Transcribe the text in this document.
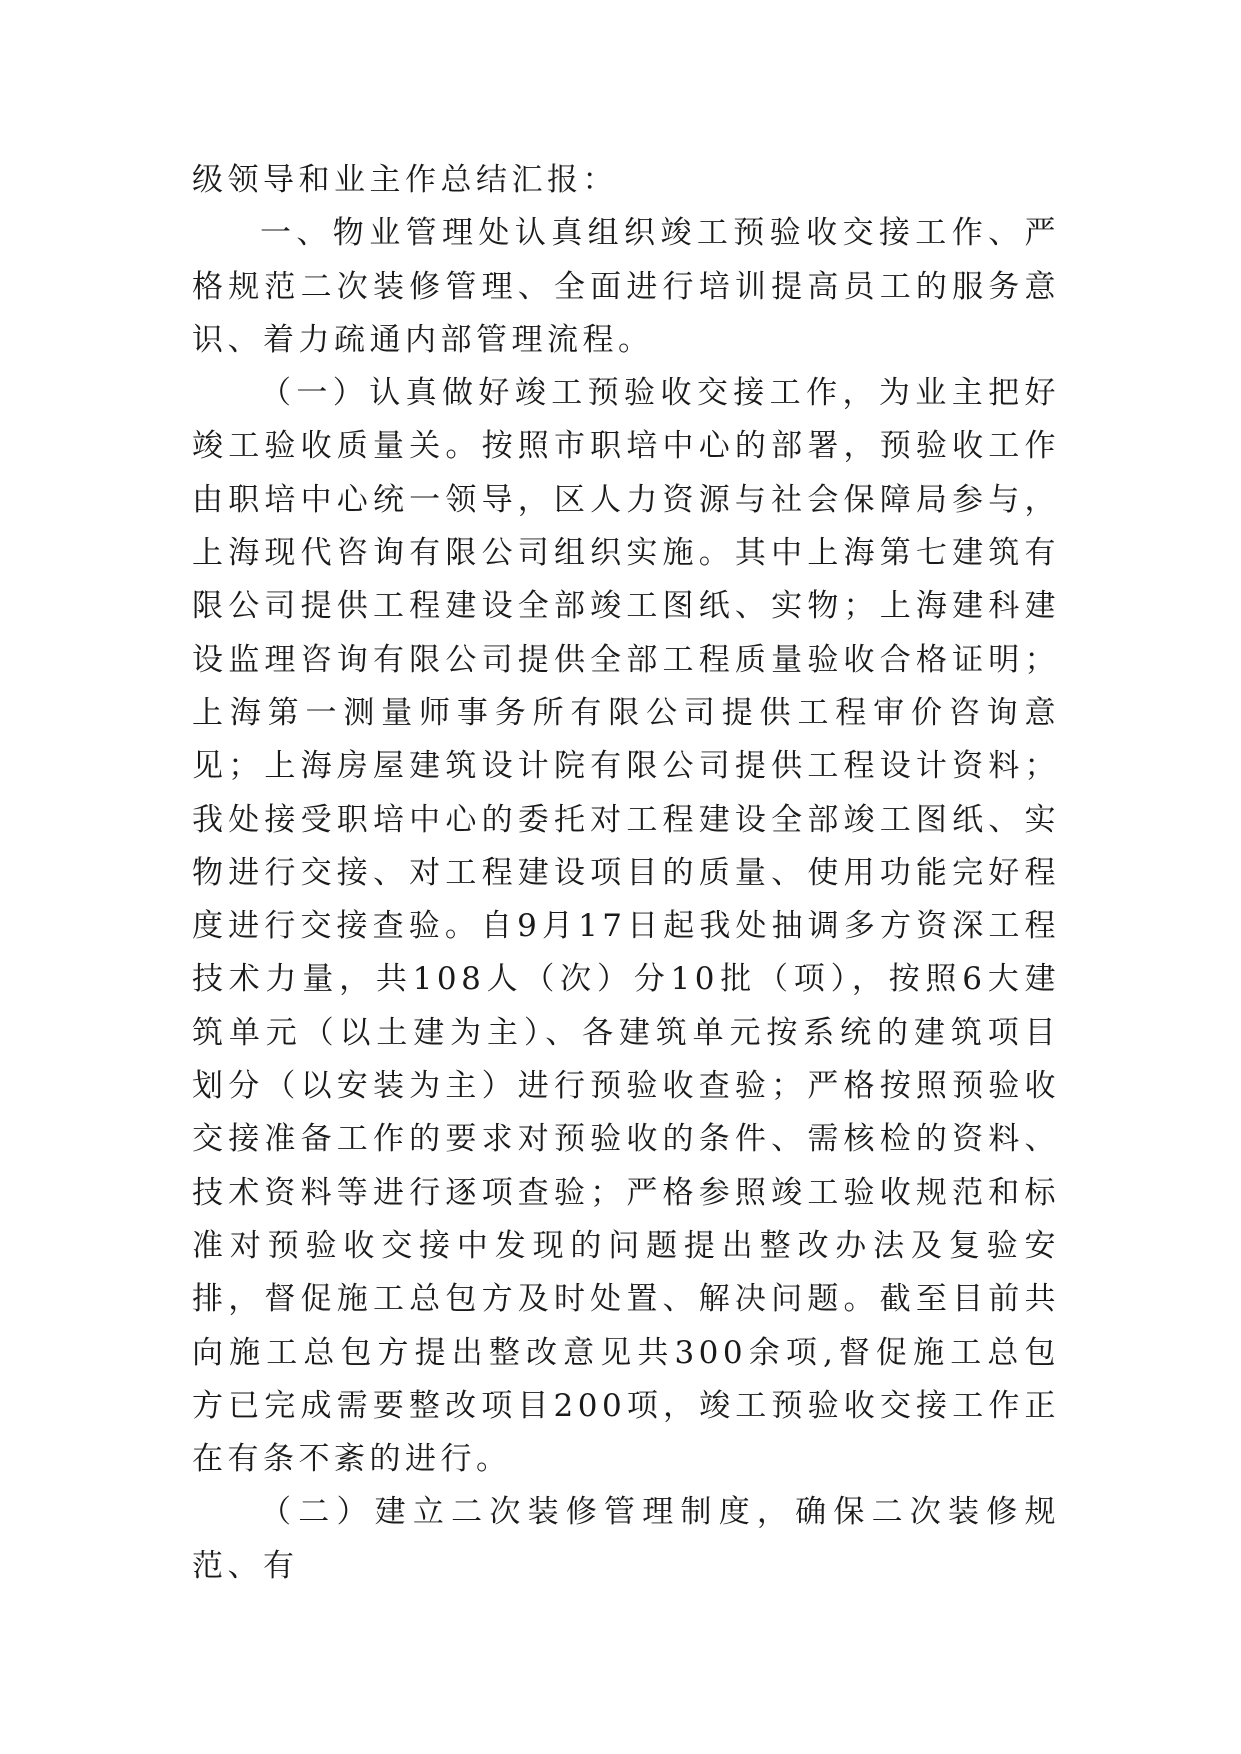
级领导和业主作总结汇报：

一、物业管理处认真组织竣工预验收交接工作、严格规范二次装修管理、全面进行培训提高员工的服务意识、着力疏通内部管理流程。

（一）认真做好竣工预验收交接工作，为业主把好竣工验收质量关。按照市职培中心的部署，预验收工作由职培中心统一领导，区人力资源与社会保障局参与，上海现代咨询有限公司组织实施。其中上海第七建筑有限公司提供工程建设全部竣工图纸、实物；上海建科建设监理咨询有限公司提供全部工程质量验收合格证明；上海第一测量师事务所有限公司提供工程审价咨询意见；上海房屋建筑设计院有限公司提供工程设计资料；我处接受职培中心的委托对工程建设全部竣工图纸、实物进行交接、对工程建设项目的质量、使用功能完好程度进行交接查验。自9月17日起我处抽调多方资深工程技术力量，共108人（次）分10批（项），按照6大建筑单元（以土建为主）、各建筑单元按系统的建筑项目划分（以安装为主）进行预验收查验；严格按照预验收交接准备工作的要求对预验收的条件、需核检的资料、技术资料等进行逐项查验；严格参照竣工验收规范和标准对预验收交接中发现的问题提出整改办法及复验安排，督促施工总包方及时处置、解决问题。截至目前共向施工总包方提出整改意见共300余项,督促施工总包方已完成需要整改项目200项，竣工预验收交接工作正在有条不紊的进行。

（二）建立二次装修管理制度，确保二次装修规范、有
